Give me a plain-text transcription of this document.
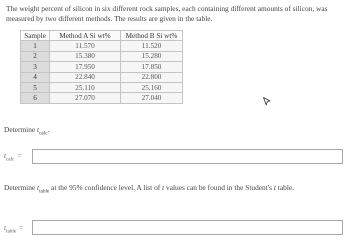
The weight percent of silicon in six different rock samples, each containing different amounts of silicon, was measured by two different methods. The results are given in the table.

Sample	Method A Si wt%	Method B Si wt%
1	11.570	11.520
2	15.380	15.280
3	17.950	17.850
4	22.840	22.800
5	25.110	25.160
6	27.070	27.040
Determine $t_{calc}$.
$t_{calc}$ =
Determine $t_{table}$ at the 95% confidence level. A list of t values can be found in the Student's t table.
$t_{table}$ =
